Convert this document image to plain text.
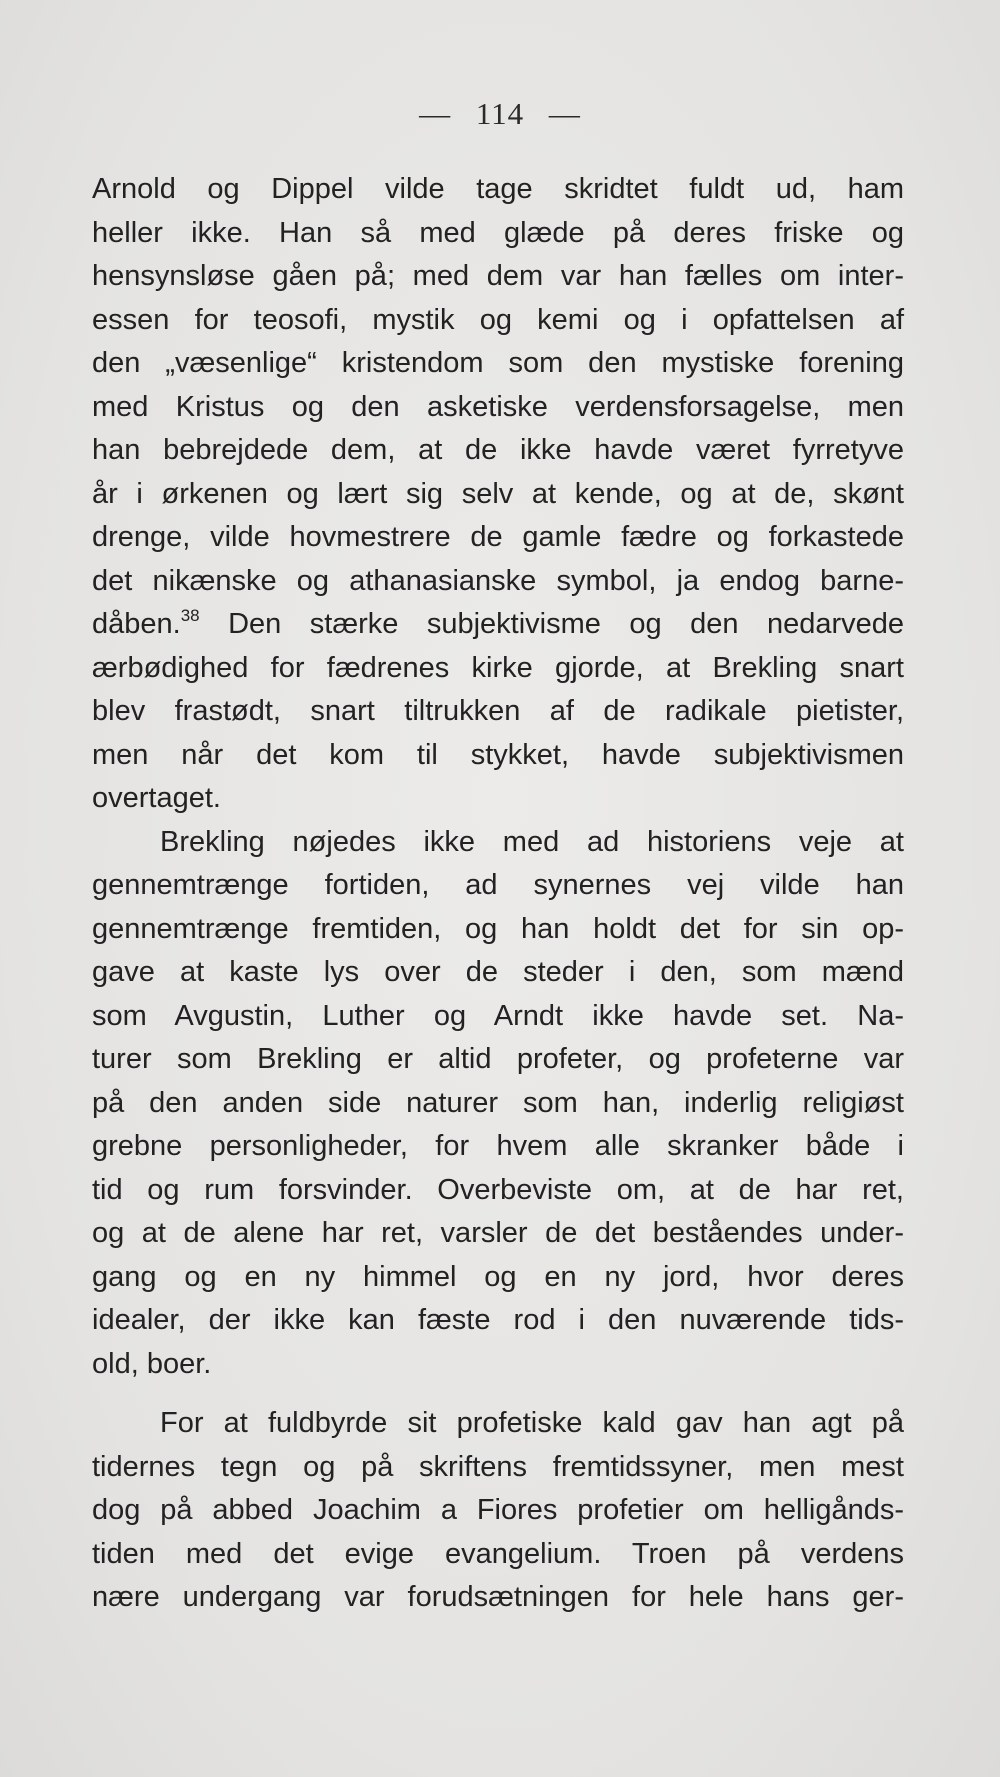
— 114 —
Arnold og Dippel vilde tage skridtet fuldt ud, ham
heller ikke. Han så med glæde på deres friske og
hensynsløse gåen på; med dem var han fælles om inter-
essen for teosofi, mystik og kemi og i opfattelsen af
den „væsenlige“ kristendom som den mystiske forening
med Kristus og den asketiske verdensforsagelse, men
han bebrejdede dem, at de ikke havde været fyrretyve
år i ørkenen og lært sig selv at kende, og at de, skønt
drenge, vilde hovmestrere de gamle fædre og forkastede
det nikænske og athanasianske symbol, ja endog barne-
dåben.$^{38}$ Den stærke subjektivisme og den nedarvede
ærbødighed for fædrenes kirke gjorde, at Brekling snart
blev frastødt, snart tiltrukken af de radikale pietister,
men når det kom til stykket, havde subjektivismen
overtaget.
Brekling nøjedes ikke med ad historiens veje at
gennemtrænge fortiden, ad synernes vej vilde han
gennemtrænge fremtiden, og han holdt det for sin op-
gave at kaste lys over de steder i den, som mænd
som Avgustin, Luther og Arndt ikke havde set. Na-
turer som Brekling er altid profeter, og profeterne var
på den anden side naturer som han, inderlig religiøst
grebne personligheder, for hvem alle skranker både i
tid og rum forsvinder. Overbeviste om, at de har ret,
og at de alene har ret, varsler de det beståendes under-
gang og en ny himmel og en ny jord, hvor deres
idealer, der ikke kan fæste rod i den nuværende tids-
old, boer.
For at fuldbyrde sit profetiske kald gav han agt på
tidernes tegn og på skriftens fremtidssyner, men mest
dog på abbed Joachim a Fiores profetier om helligånds-
tiden med det evige evangelium. Troen på verdens
nære undergang var forudsætningen for hele hans ger-
